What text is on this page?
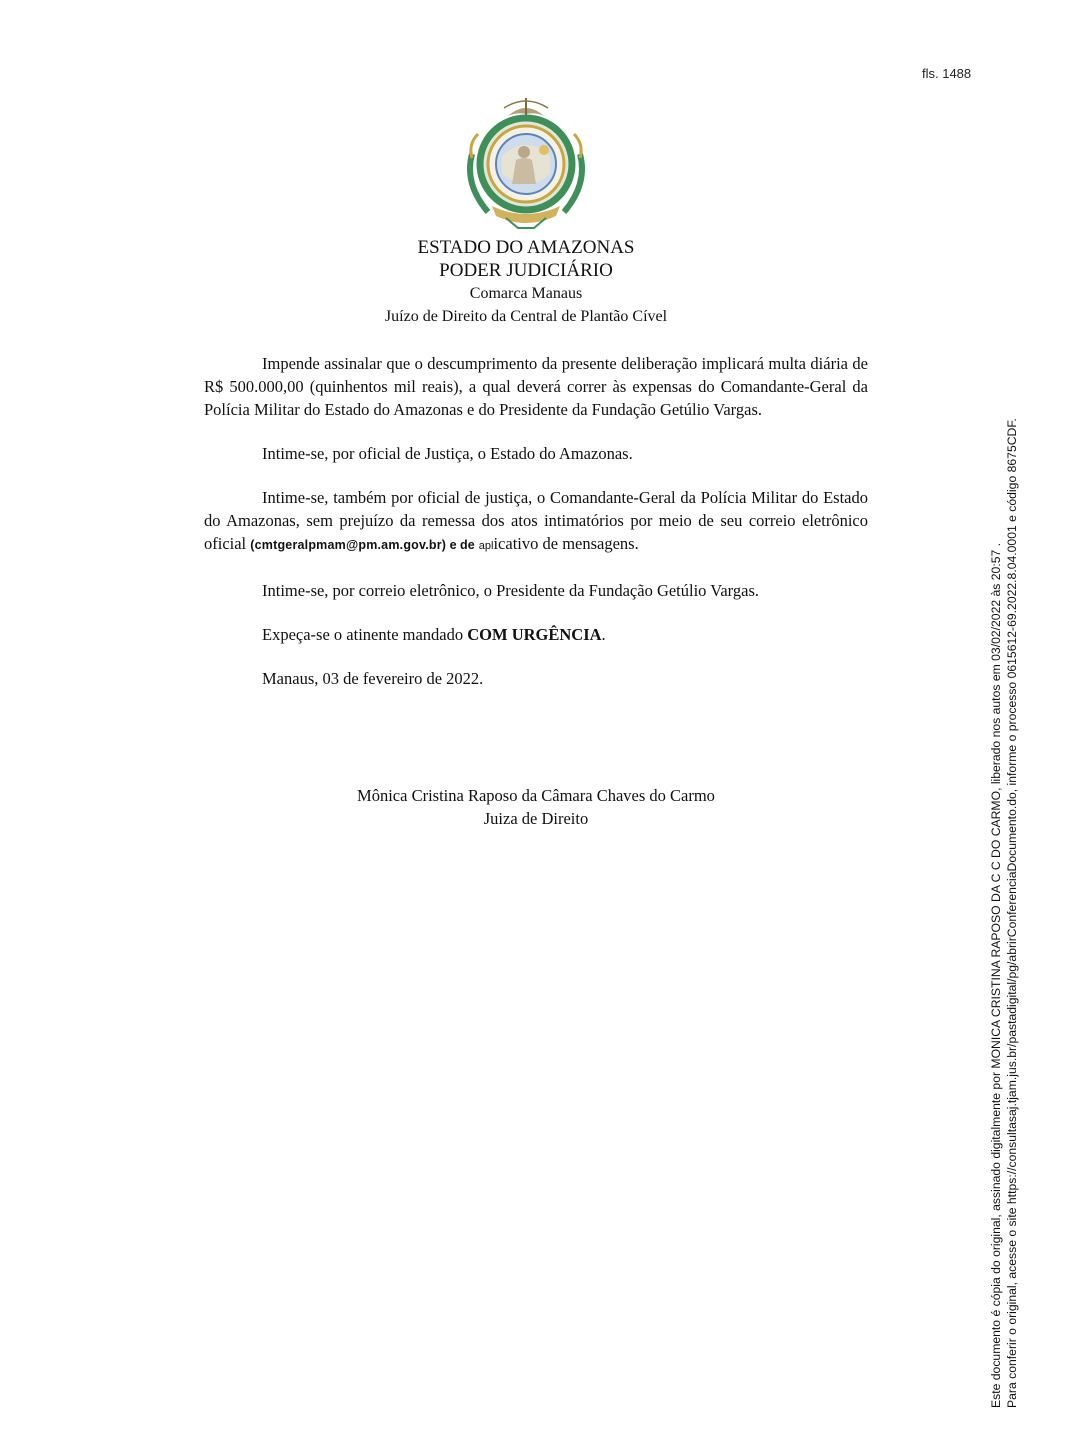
fls. 1488
ESTADO DO AMAZONAS
PODER JUDICIÁRIO
Comarca Manaus
Juízo de Direito da Central de Plantão Cível

Impende assinalar que o descumprimento da presente deliberação implicará multa diária de R$ 500.000,00 (quinhentos mil reais), a qual deverá correr às expensas do Comandante-Geral da Polícia Militar do Estado do Amazonas e do Presidente da Fundação Getúlio Vargas.

Intime-se, por oficial de Justiça, o Estado do Amazonas.

Intime-se, também por oficial de justiça, o Comandante-Geral da Polícia Militar do Estado do Amazonas, sem prejuízo da remessa dos atos intimatórios por meio de seu correio eletrônico oficial (cmtgeralpmam@pm.am.gov.br) e de aplicativo de mensagens.

Intime-se, por correio eletrônico, o Presidente da Fundação Getúlio Vargas.

Expeça-se o atinente mandado COM URGÊNCIA.

Manaus, 03 de fevereiro de 2022.

Mônica Cristina Raposo da Câmara Chaves do Carmo
Juiza de Direito	Este documento é cópia do original, assinado digitalmente por MONICA CRISTINA RAPOSO DA C C DO CARMO, liberado nos autos em 03/02/2022 às 20:57 . Para conferir o original, acesse o site https://consultasaj.tjam.jus.br/pastadigital/pg/abrirConferenciaDocumento.do, informe o processo 0615612-69.2022.8.04.0001 e código 8675CDF.
